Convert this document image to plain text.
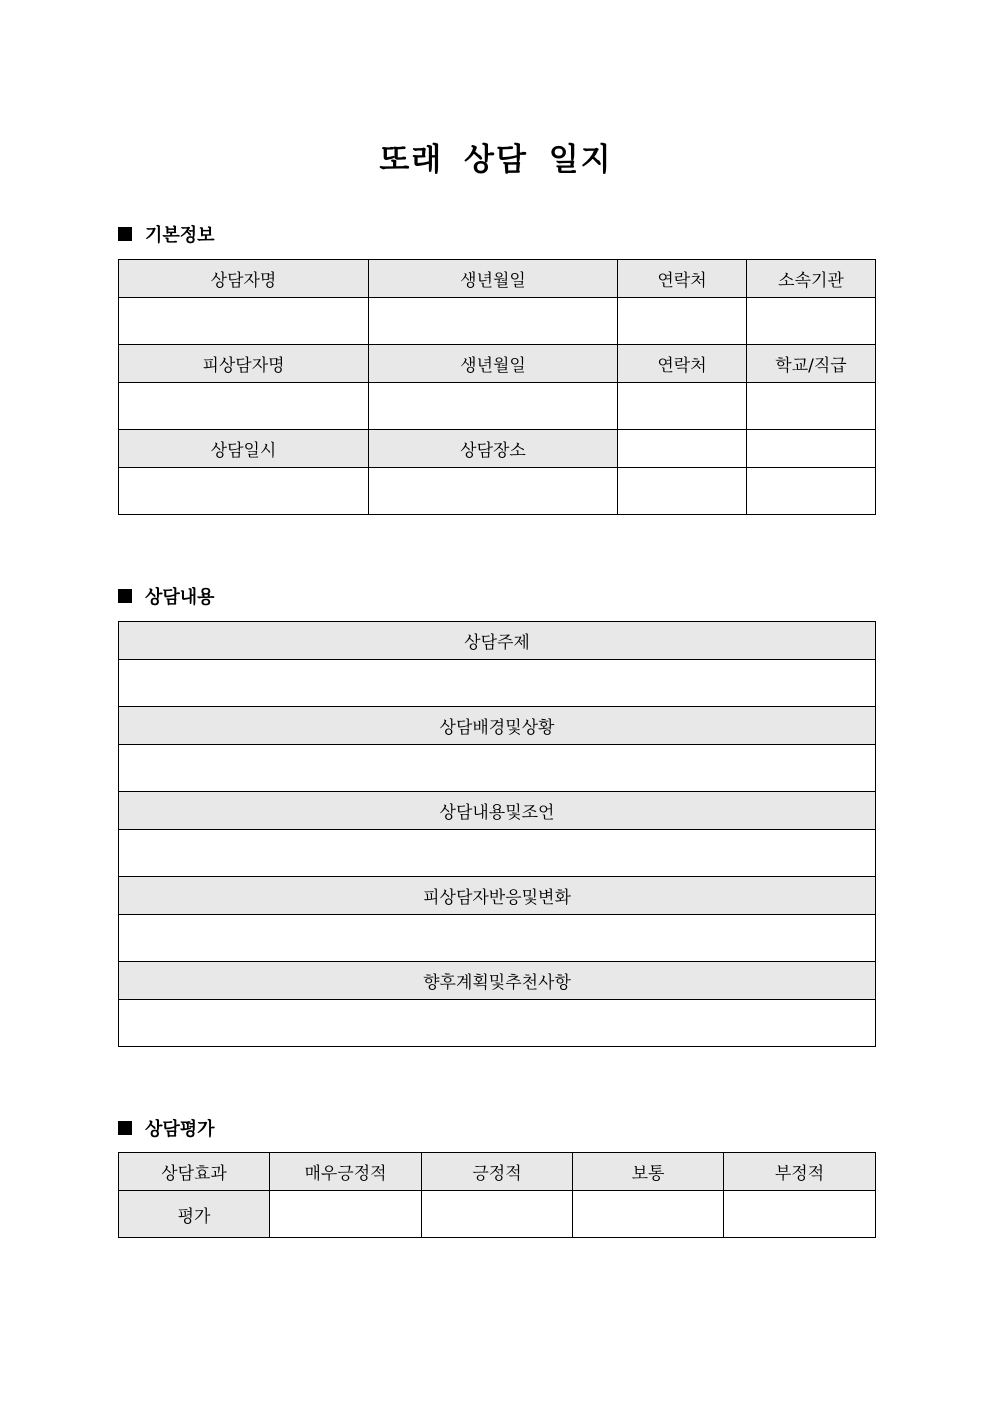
또래 상담 일지
기본정보
상담자명	생년월일	연락처	소속기관

피상담자명	생년월일	연락처	학교/직급

상담일시	상담장소		

상담내용
상담주제

상담배경및상황

상담내용및조언

피상담자반응및변화

향후계획및추천사항

상담평가
상담효과	매우긍정적	긍정적	보통	부정적
평가				
